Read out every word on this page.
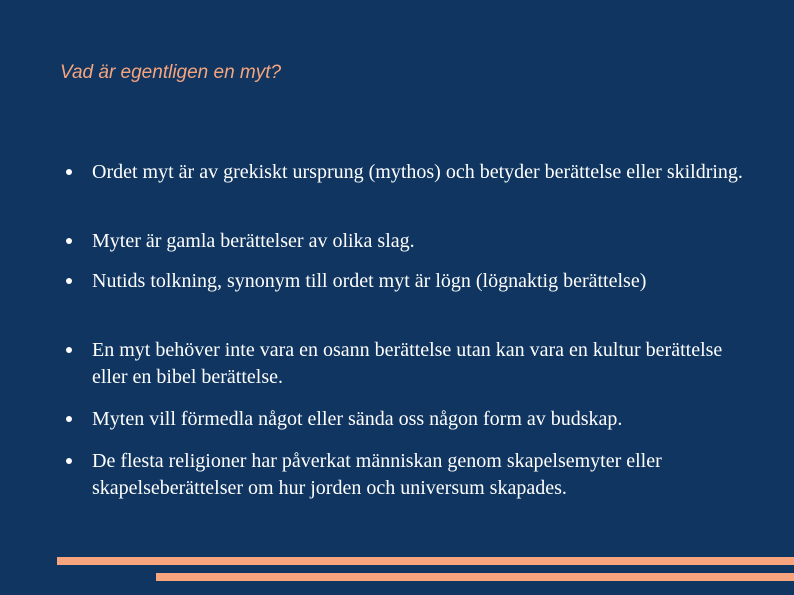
Vad är egentligen en myt?
Ordet myt är av grekiskt ursprung (mythos) och betyder berättelse eller skildring.
Myter är gamla berättelser av olika slag.
Nutids tolkning, synonym till ordet myt är lögn (lögnaktig berättelse)
En myt behöver inte vara en osann berättelse utan kan vara en kultur berättelse eller en bibel berättelse.
Myten vill förmedla något eller sända oss någon form av budskap.
De flesta religioner har påverkat människan genom skapelsemyter eller skapelseberättelser om hur jorden och universum skapades.
